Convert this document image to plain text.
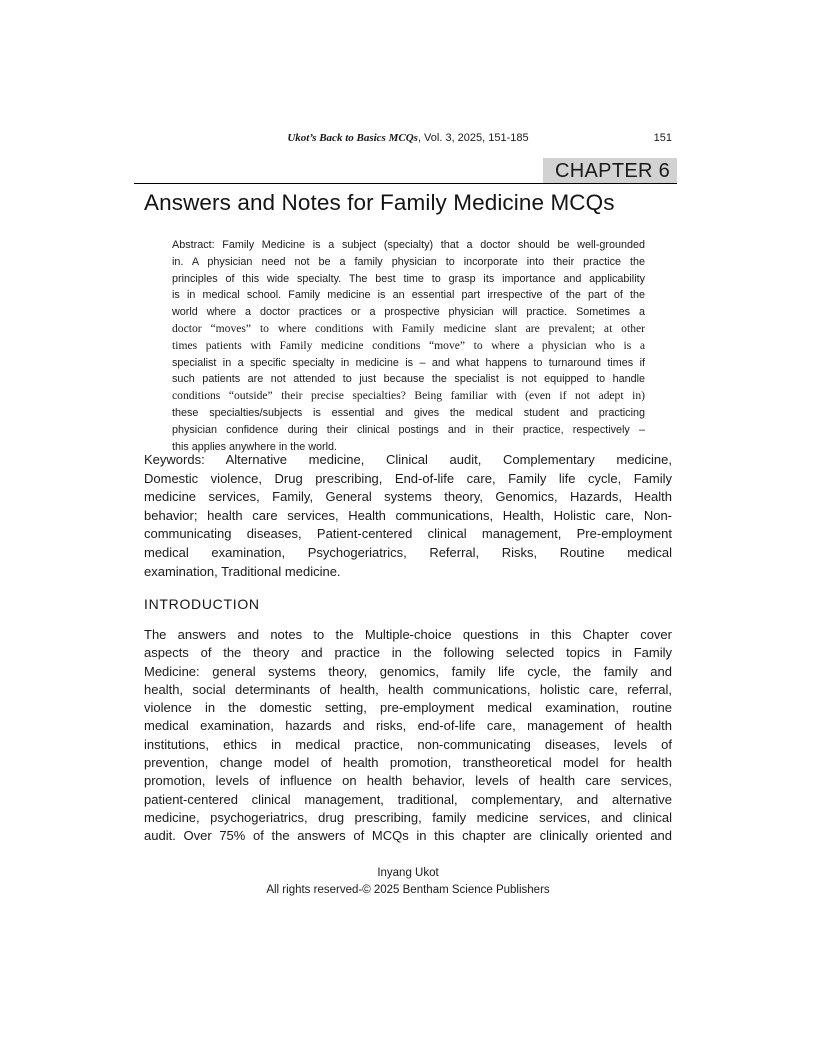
Ukot’s Back to Basics MCQs, Vol. 3, 2025, 151-185	151
CHAPTER 6
Answers and Notes for Family Medicine MCQs
Abstract: Family Medicine is a subject (specialty) that a doctor should be well-grounded
in. A physician need not be a family physician to incorporate into their practice the
principles of this wide specialty. The best time to grasp its importance and applicability
is in medical school. Family medicine is an essential part irrespective of the part of the
world where a doctor practices or a prospective physician will practice. Sometimes a
doctor “moves” to where conditions with Family medicine slant are prevalent; at other
times patients with Family medicine conditions “move” to where a physician who is a
specialist in a specific specialty in medicine is – and what happens to turnaround times if
such patients are not attended to just because the specialist is not equipped to handle
conditions “outside” their precise specialties? Being familiar with (even if not adept in)
these specialties/subjects is essential and gives the medical student and practicing
physician confidence during their clinical postings and in their practice, respectively –
this applies anywhere in the world.
Keywords: Alternative medicine, Clinical audit, Complementary medicine,
Domestic violence, Drug prescribing, End-of-life care, Family life cycle, Family
medicine services, Family, General systems theory, Genomics, Hazards, Health
behavior; health care services, Health communications, Health, Holistic care, Non-
communicating diseases, Patient-centered clinical management, Pre-employment
medical examination, Psychogeriatrics, Referral, Risks, Routine medical
examination, Traditional medicine.
INTRODUCTION
The answers and notes to the Multiple-choice questions in this Chapter cover
aspects of the theory and practice in the following selected topics in Family
Medicine: general systems theory, genomics, family life cycle, the family and
health, social determinants of health, health communications, holistic care, referral,
violence in the domestic setting, pre-employment medical examination, routine
medical examination, hazards and risks, end-of-life care, management of health
institutions, ethics in medical practice, non-communicating diseases, levels of
prevention, change model of health promotion, transtheoretical model for health
promotion, levels of influence on health behavior, levels of health care services,
patient-centered clinical management, traditional, complementary, and alternative
medicine, psychogeriatrics, drug prescribing, family medicine services, and clinical
audit. Over 75% of the answers of MCQs in this chapter are clinically oriented and
Inyang Ukot
All rights reserved-© 2025 Bentham Science Publishers
